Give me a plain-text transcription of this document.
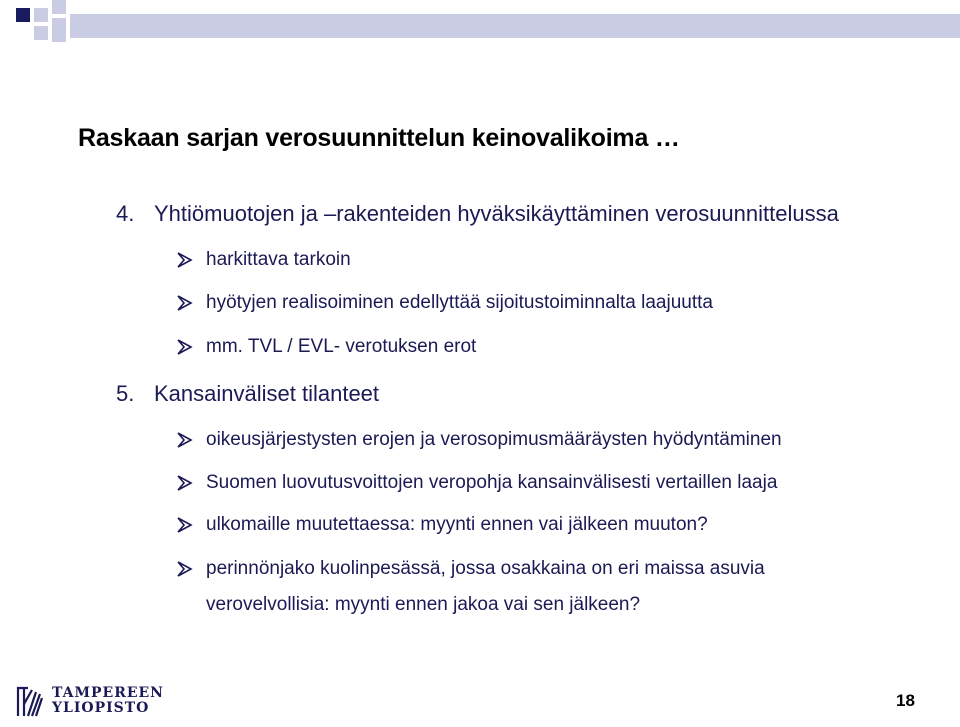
Raskaan sarjan verosuunnittelun keinovalikoima …
4. Yhtiömuotojen ja –rakenteiden hyväksikäyttäminen verosuunnittelussa
harkittava tarkoin
hyötyjen realisoiminen edellyttää sijoitustoiminnalta laajuutta
mm. TVL / EVL- verotuksen erot
5. Kansainväliset tilanteet
oikeusjärjestysten erojen ja verosopimusmääräysten hyödyntäminen
Suomen luovutusvoittojen veropohja kansainvälisesti vertaillen laaja
ulkomaille muutettaessa: myynti ennen vai jälkeen muuton?
perinnönjako kuolinpesässä, jossa osakkaina on eri maissa asuvia
verovelvollisia: myynti ennen jakoa vai sen jälkeen?
TAMPEREEN
YLIOPISTO	18
